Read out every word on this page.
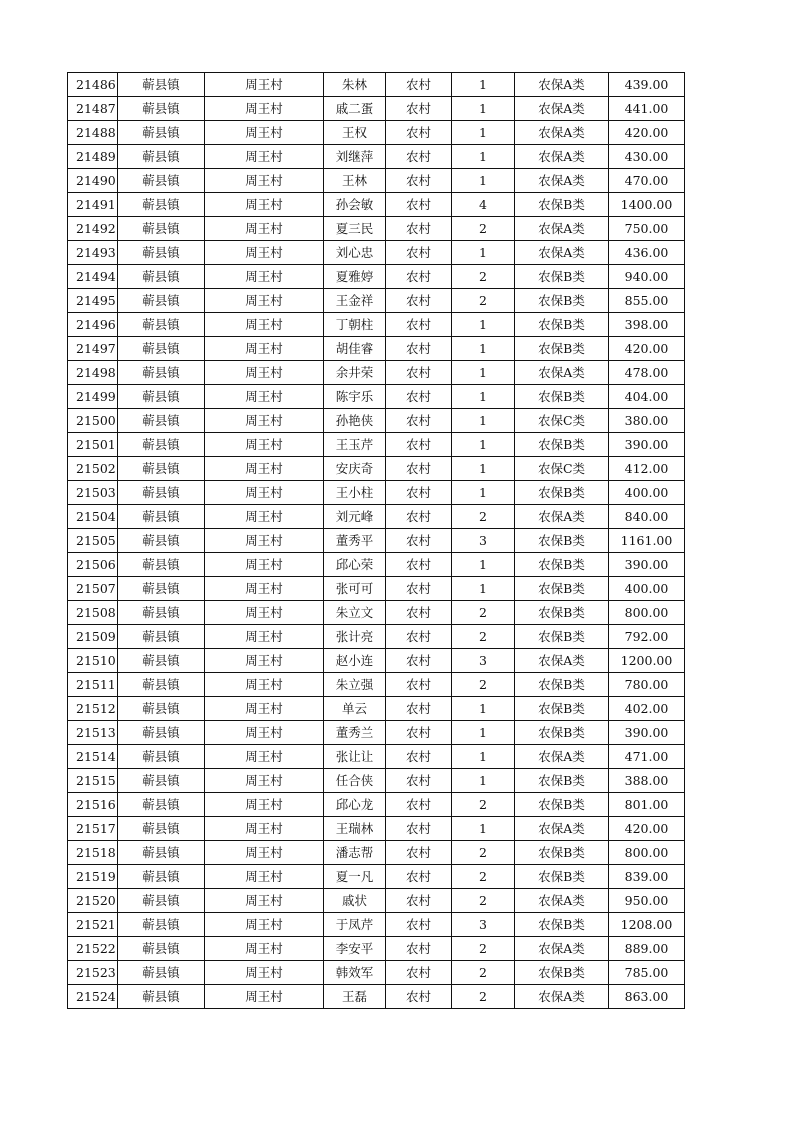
21486	蕲县镇	周王村	朱林	农村	1	农保A类	439.00
21487	蕲县镇	周王村	戚二蛋	农村	1	农保A类	441.00
21488	蕲县镇	周王村	王权	农村	1	农保A类	420.00
21489	蕲县镇	周王村	刘继萍	农村	1	农保A类	430.00
21490	蕲县镇	周王村	王林	农村	1	农保A类	470.00
21491	蕲县镇	周王村	孙会敏	农村	4	农保B类	1400.00
21492	蕲县镇	周王村	夏三民	农村	2	农保A类	750.00
21493	蕲县镇	周王村	刘心忠	农村	1	农保A类	436.00
21494	蕲县镇	周王村	夏雅婷	农村	2	农保B类	940.00
21495	蕲县镇	周王村	王金祥	农村	2	农保B类	855.00
21496	蕲县镇	周王村	丁朝柱	农村	1	农保B类	398.00
21497	蕲县镇	周王村	胡佳睿	农村	1	农保B类	420.00
21498	蕲县镇	周王村	余井荣	农村	1	农保A类	478.00
21499	蕲县镇	周王村	陈宇乐	农村	1	农保B类	404.00
21500	蕲县镇	周王村	孙艳侠	农村	1	农保C类	380.00
21501	蕲县镇	周王村	王玉芹	农村	1	农保B类	390.00
21502	蕲县镇	周王村	安庆奇	农村	1	农保C类	412.00
21503	蕲县镇	周王村	王小柱	农村	1	农保B类	400.00
21504	蕲县镇	周王村	刘元峰	农村	2	农保A类	840.00
21505	蕲县镇	周王村	董秀平	农村	3	农保B类	1161.00
21506	蕲县镇	周王村	邱心荣	农村	1	农保B类	390.00
21507	蕲县镇	周王村	张可可	农村	1	农保B类	400.00
21508	蕲县镇	周王村	朱立文	农村	2	农保B类	800.00
21509	蕲县镇	周王村	张计亮	农村	2	农保B类	792.00
21510	蕲县镇	周王村	赵小连	农村	3	农保A类	1200.00
21511	蕲县镇	周王村	朱立强	农村	2	农保B类	780.00
21512	蕲县镇	周王村	单云	农村	1	农保B类	402.00
21513	蕲县镇	周王村	董秀兰	农村	1	农保B类	390.00
21514	蕲县镇	周王村	张让让	农村	1	农保A类	471.00
21515	蕲县镇	周王村	任合侠	农村	1	农保B类	388.00
21516	蕲县镇	周王村	邱心龙	农村	2	农保B类	801.00
21517	蕲县镇	周王村	王瑞林	农村	1	农保A类	420.00
21518	蕲县镇	周王村	潘志帮	农村	2	农保B类	800.00
21519	蕲县镇	周王村	夏一凡	农村	2	农保B类	839.00
21520	蕲县镇	周王村	戚状	农村	2	农保A类	950.00
21521	蕲县镇	周王村	于凤芹	农村	3	农保B类	1208.00
21522	蕲县镇	周王村	李安平	农村	2	农保A类	889.00
21523	蕲县镇	周王村	韩效军	农村	2	农保B类	785.00
21524	蕲县镇	周王村	王磊	农村	2	农保A类	863.00
